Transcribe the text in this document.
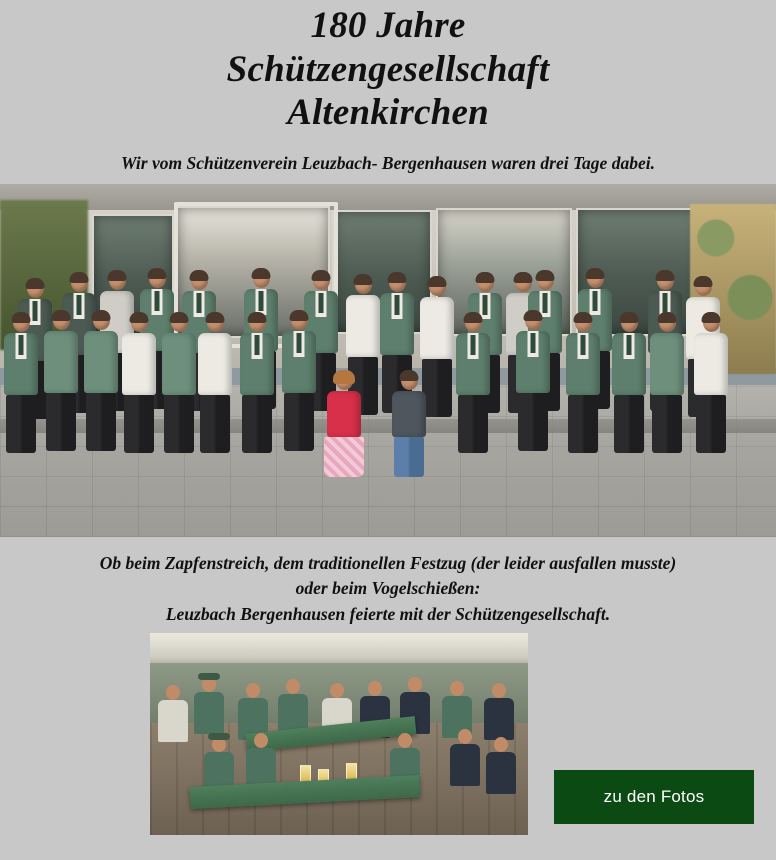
180 Jahre
Schützengesellschaft
Altenkirchen
Wir vom Schützenverein Leuzbach- Bergenhausen waren drei Tage dabei.
Ob beim Zapfenstreich, dem traditionellen Festzug (der leider ausfallen musste)
oder beim Vogelschießen:
Leuzbach Bergenhausen feierte mit der Schützengesellschaft.
zu den Fotos
